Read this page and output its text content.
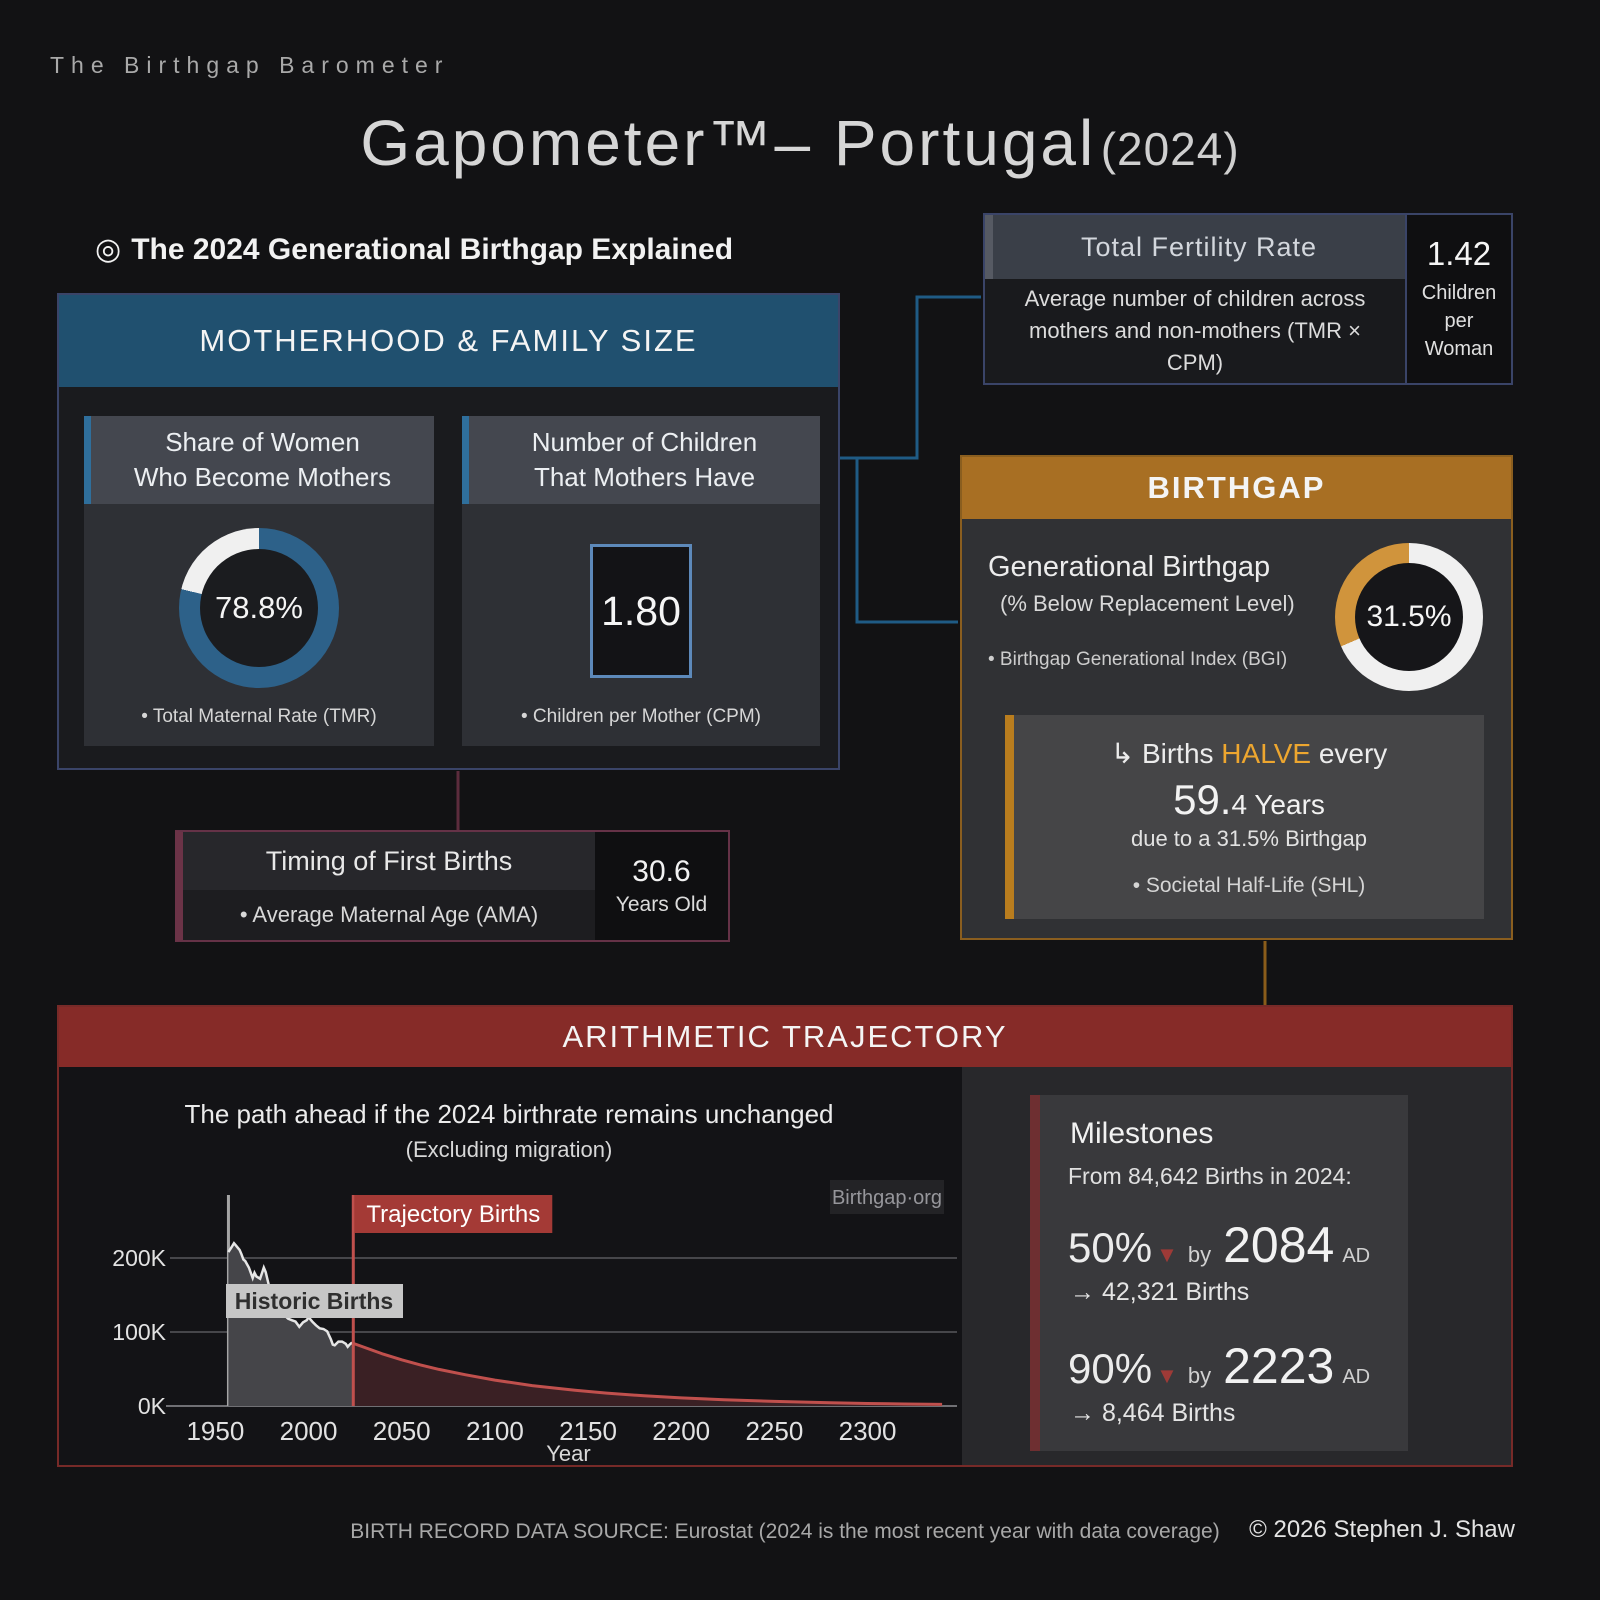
The Birthgap Barometer
Gapometer™– Portugal (2024)
◎ The 2024 Generational Birthgap Explained
MOTHERHOOD & FAMILY SIZE
Share of Women
Who Become Mothers
78.8%
• Total Maternal Rate (TMR)
Number of Children
That Mothers Have
1.80
• Children per Mother (CPM)
Total Fertility Rate
Average number of children across mothers and non-mothers (TMR × CPM)
1.42
Children
per
Woman
BIRTHGAP
Generational Birthgap
(% Below Replacement Level)
• Birthgap Generational Index (BGI)
31.5%
↳ Births HALVE every
59.4 Years
due to a 31.5% Birthgap
• Societal Half-Life (SHL)
Timing of First Births
• Average Maternal Age (AMA)
30.6
Years Old
ARITHMETIC TRAJECTORY
Milestones
From 84,642 Births in 2024:
50% ▼ by 2084 AD
→ 42,321 Births
90% ▼ by 2223 AD
→ 8,464 Births
The path ahead if the 2024 birthrate remains unchanged
(Excluding migration)
0K
100K
200K
1950 2000 2050 2100 2150 2200 2250 2300
Year
Trajectory Births
Historic Births
Birthgap·org
BIRTH RECORD DATA SOURCE: Eurostat (2024 is the most recent year with data coverage)	© 2026 Stephen J. Shaw
